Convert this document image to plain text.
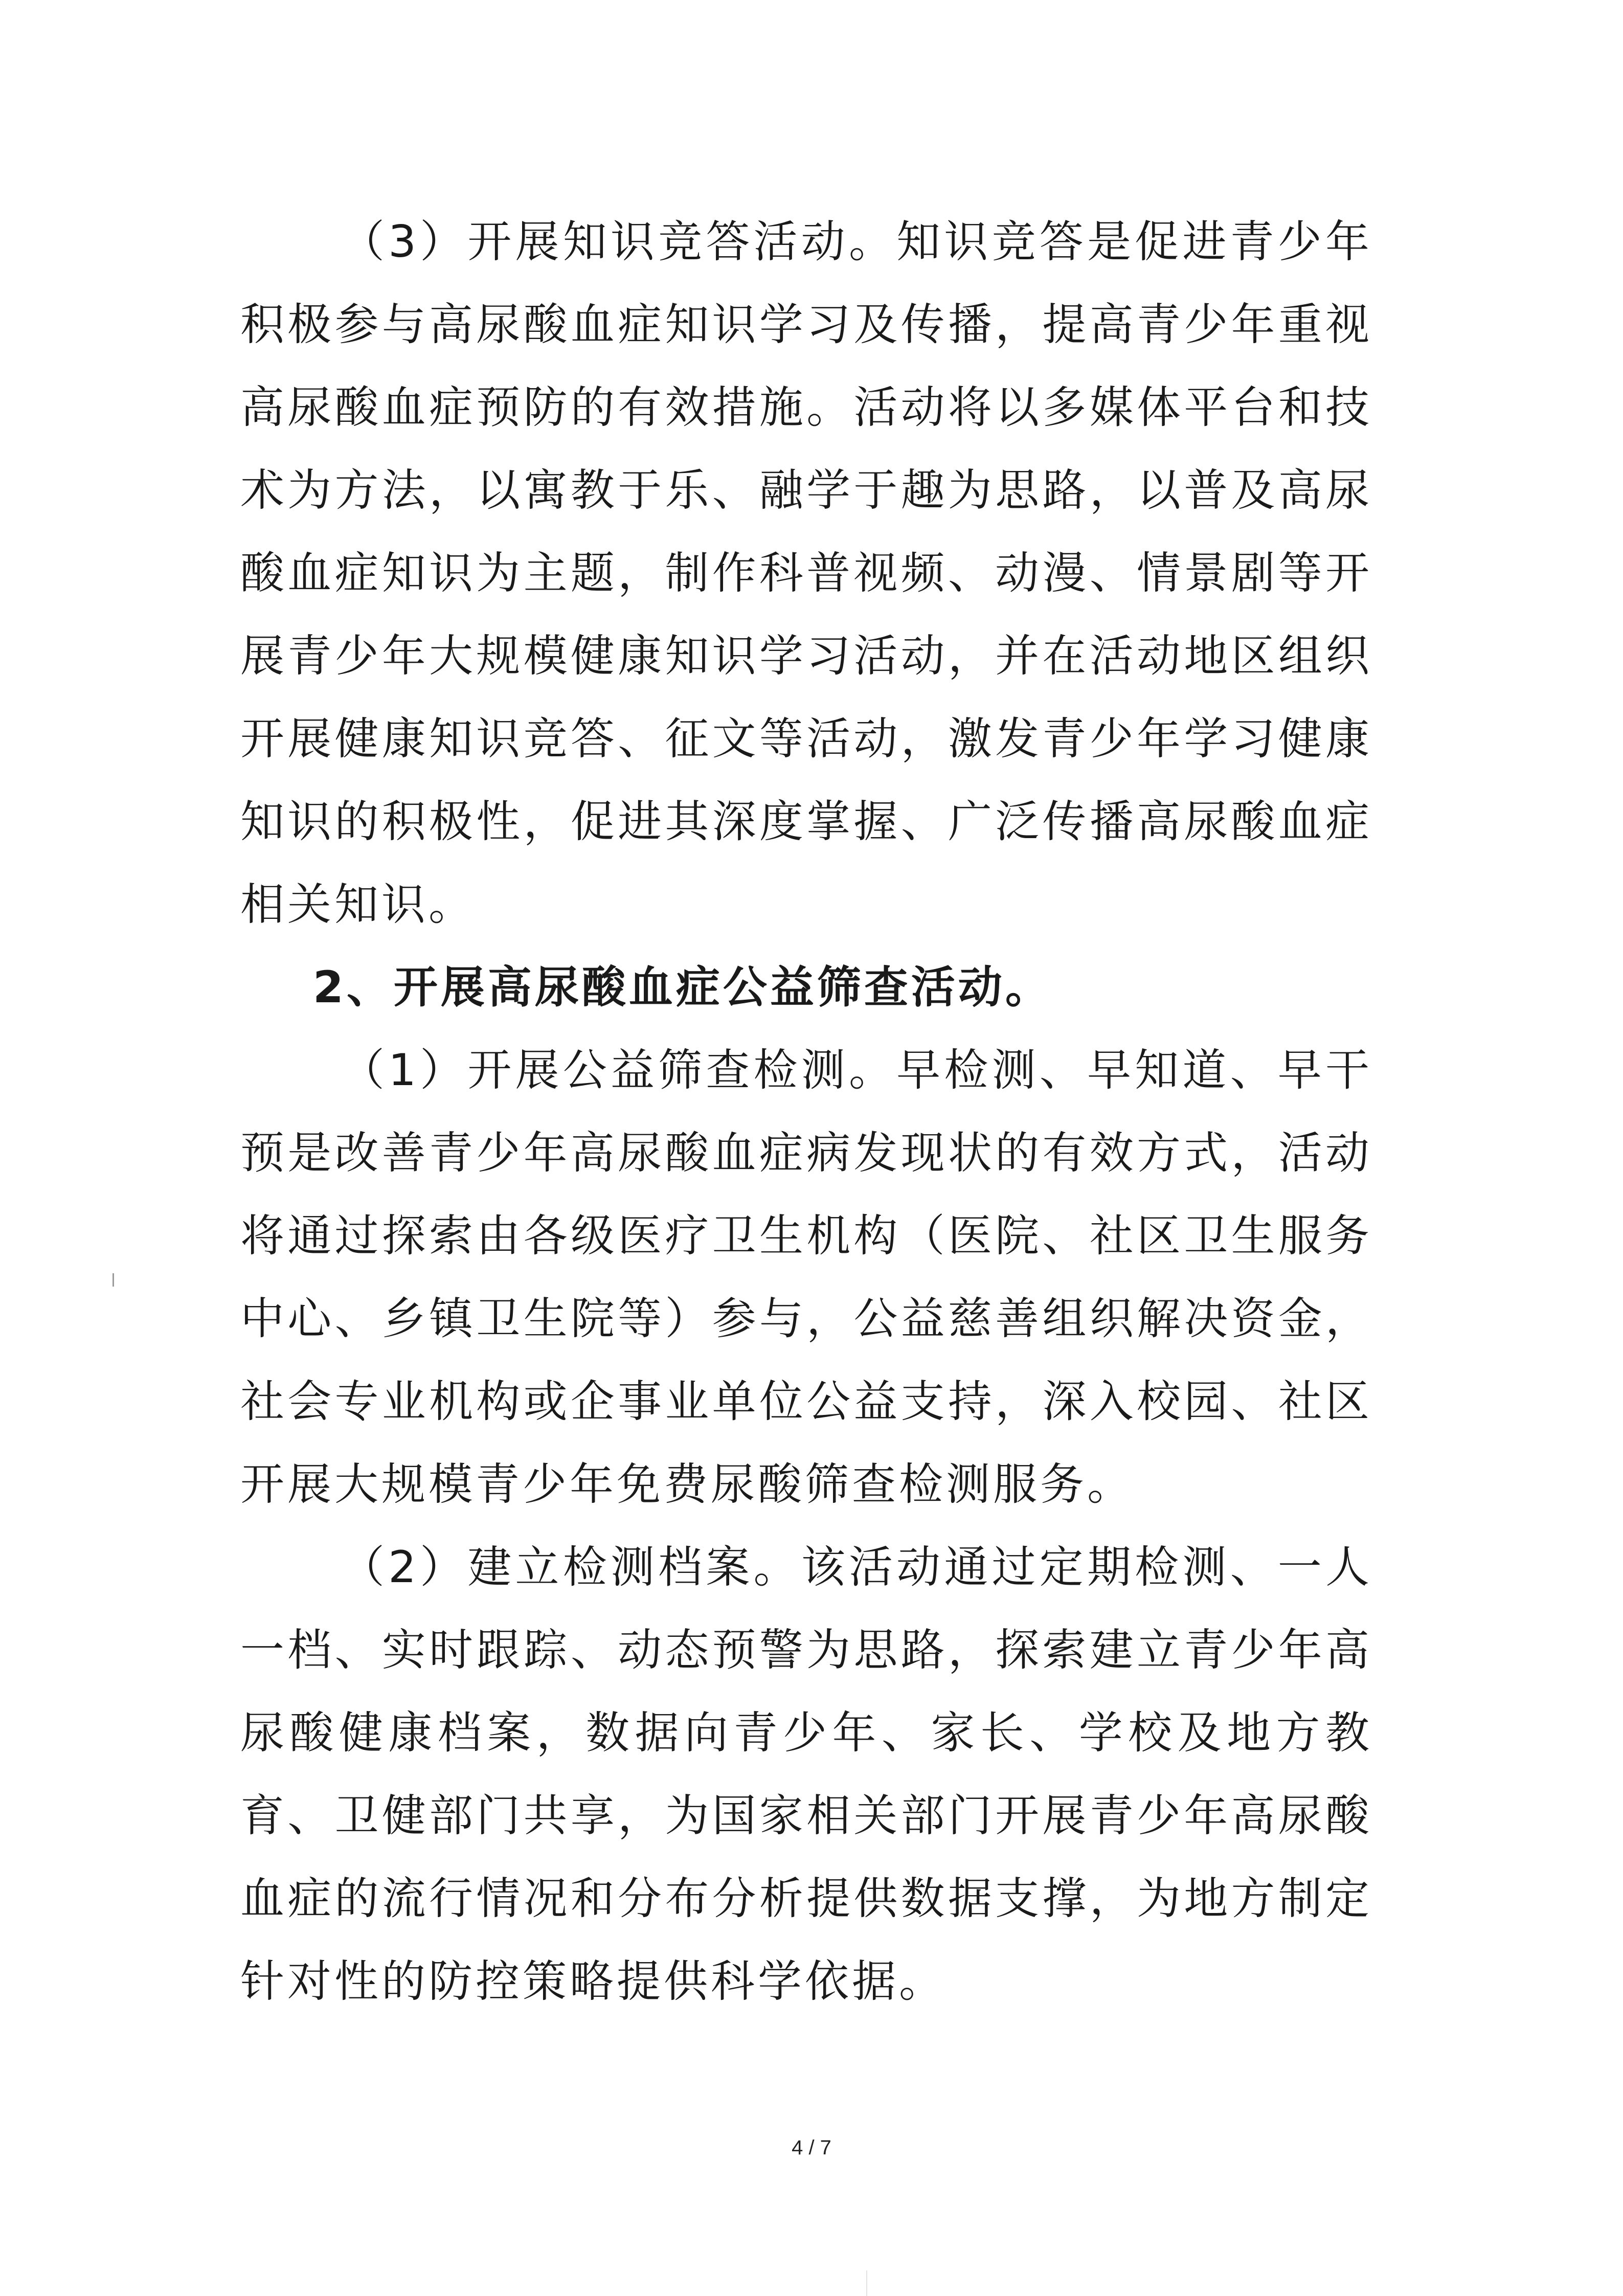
（3）开展知识竞答活动。知识竞答是促进青少年积极参与高尿酸血症知识学习及传播，提高青少年重视高尿酸血症预防的有效措施。活动将以多媒体平台和技术为方法，以寓教于乐、融学于趣为思路，以普及高尿酸血症知识为主题，制作科普视频、动漫、情景剧等开展青少年大规模健康知识学习活动，并在活动地区组织开展健康知识竞答、征文等活动，激发青少年学习健康知识的积极性，促进其深度掌握、广泛传播高尿酸血症相关知识。

2、开展高尿酸血症公益筛查活动。

（1）开展公益筛查检测。早检测、早知道、早干预是改善青少年高尿酸血症病发现状的有效方式，活动将通过探索由各级医疗卫生机构（医院、社区卫生服务中心、乡镇卫生院等）参与，公益慈善组织解决资金，社会专业机构或企事业单位公益支持，深入校园、社区开展大规模青少年免费尿酸筛查检测服务。

（2）建立检测档案。该活动通过定期检测、一人一档、实时跟踪、动态预警为思路，探索建立青少年高尿酸健康档案，数据向青少年、家长、学校及地方教育、卫健部门共享，为国家相关部门开展青少年高尿酸血症的流行情况和分布分析提供数据支撑，为地方制定针对性的防控策略提供科学依据。

4 / 7
